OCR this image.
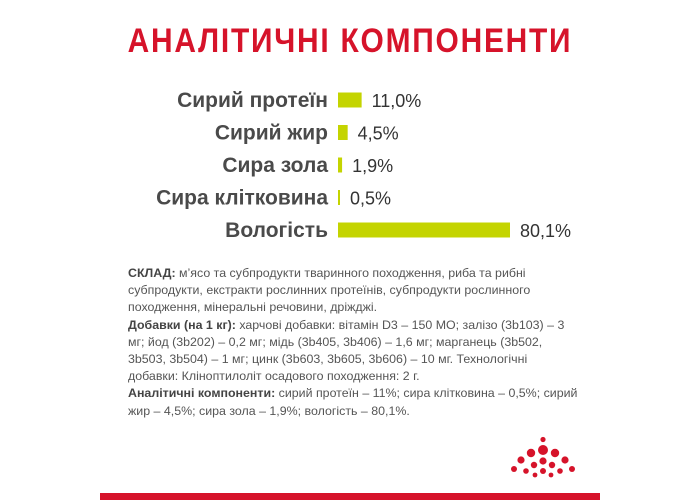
АНАЛІТИЧНІ КОМПОНЕНТИ
Сирий протеїн 11,0%
Сирий жир 4,5%
Сира зола 1,9%
Сира клітковина 0,5%
Вологість	80,1%

СКЛАД: м’ясо та субпродукти тваринного походження, риба та рибні субпродукти, екстракти рослинних протеїнів, субпродукти рослинного походження, мінеральні речовини, дріжджі.

Добавки (на 1 кг): харчові добавки: вітамін D3 – 150 МО; залізо (3b103) – 3 мг; йод (3b202) – 0,2 мг; мідь (3b405, 3b406) – 1,6 мг; марганець (3b502, 3b503, 3b504) – 1 мг; цинк (3b603, 3b605, 3b606) – 10 мг. Технологічні добавки: Клінoптилоліт осадового походження: 2 г.

Аналітичні компоненти: сирий протеїн – 11%; сира клітковина – 0,5%; сирий жир – 4,5%; сира зола – 1,9%; вологість – 80,1%.
